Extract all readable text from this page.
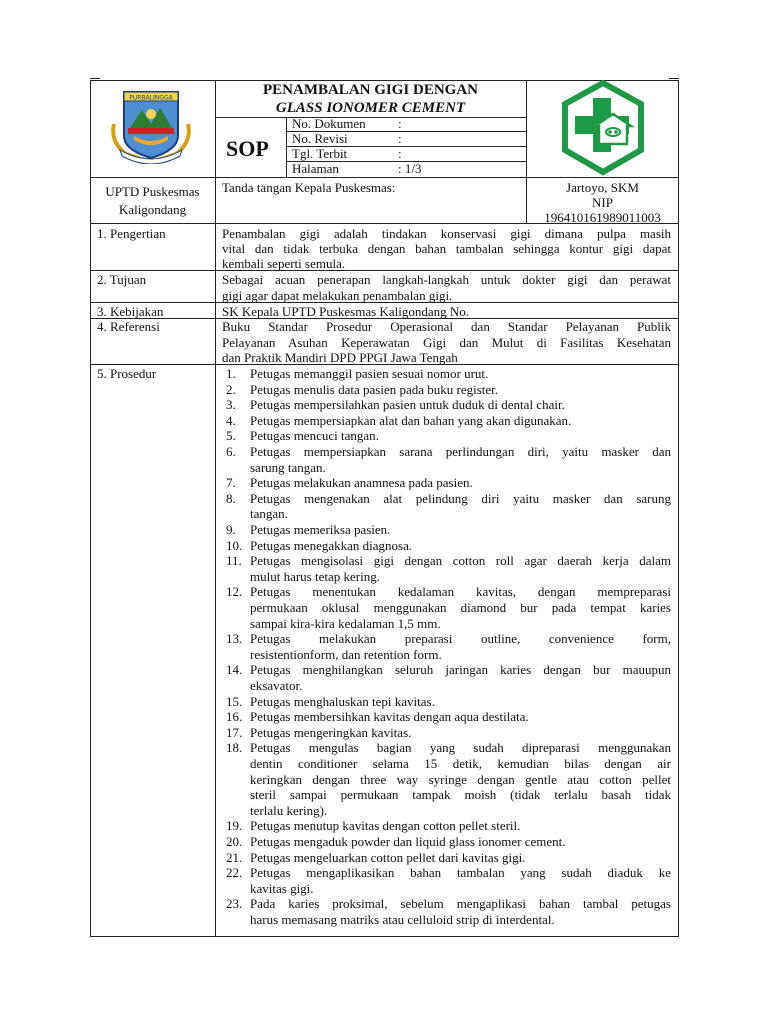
PURBALINGGA	PENAMBALAN GIGI DENGAN
GLASS IONOMER CEMENT
SOP
No. Dokumen :
No. Revisi	:
Tgl. Terbit	:
Halaman	: 1/3
UPTD Puskesmas
Kaligondang
Tanda tangan Kepala Puskesmas:	Jartoyo, SKM
NIP
196410161989011003
1. Pengertian	Penambalan gigi adalah tindakan konservasi gigi dimana pulpa masih
vital dan tidak terbuka dengan bahan tambalan sehingga kontur gigi dapat
kembali seperti semula.
2. Tujuan	Sebagai acuan penerapan langkah-langkah untuk dokter gigi dan perawat
gigi agar dapat melakukan penambalan gigi.
3. Kebijakan	SK Kepala UPTD Puskesmas Kaligondang No.
4. Referensi	Buku Standar Prosedur Operasional dan Standar Pelayanan Publik
Pelayanan Asuhan Keperawatan Gigi dan Mulut di Fasilitas Kesehatan
dan Praktik Mandiri DPD PPGI Jawa Tengah
5. Prosedur	1.	Petugas memanggil pasien sesuai nomor urut.
2.	Petugas menulis data pasien pada buku register.
3.	Petugas mempersilahkan pasien untuk duduk di dental chair.
4.	Petugas mempersiapkan alat dan bahan yang akan digunakan.
5.	Petugas mencuci tangan.
6.	Petugas mempersiapkan sarana perlindungan diri, yaitu masker dan
sarung tangan.
7.	Petugas melakukan anamnesa pada pasien.
8.	Petugas mengenakan alat pelindung diri yaitu masker dan sarung
tangan.
9.	Petugas memeriksa pasien.
10. Petugas menegakkan diagnosa.
11. Petugas mengisolasi gigi dengan cotton roll agar daerah kerja dalam
mulut harus tetap kering.
12. Petugas menentukan kedalaman kavitas, dengan mempreparasi
permukaan oklusal menggunakan diamond bur pada tempat karies
sampai kira-kira kedalaman 1,5 mm.
13. Petugas melakukan preparasi outline, convenience form,
resistentionform, dan retention form.
14. Petugas menghilangkan seluruh jaringan karies dengan bur mauupun
eksavator.
15. Petugas menghaluskan tepi kavitas.
16. Petugas membersihkan kavitas dengan aqua destilata.
17. Petugas mengeringkan kavitas.
18. Petugas mengulas bagian yang sudah dipreparasi menggunakan
dentin conditioner selama 15 detik, kemudian bilas dengan air
keringkan dengan three way syringe dengan gentle atau cotton pellet
steril sampai permukaan tampak moish (tidak terlalu basah tidak
terlalu kering).
19. Petugas menutup kavitas dengan cotton pellet steril.
20. Petugas mengaduk powder dan liquid glass ionomer cement.
21. Petugas mengeluarkan cotton pellet dari kavitas gigi.
22. Petugas mengaplikasikan bahan tambalan yang sudah diaduk ke
kavitas gigi.
23. Pada karies proksimal, sebelum mengaplikasi bahan tambal petugas
harus memasang matriks atau celluloid strip di interdental.
